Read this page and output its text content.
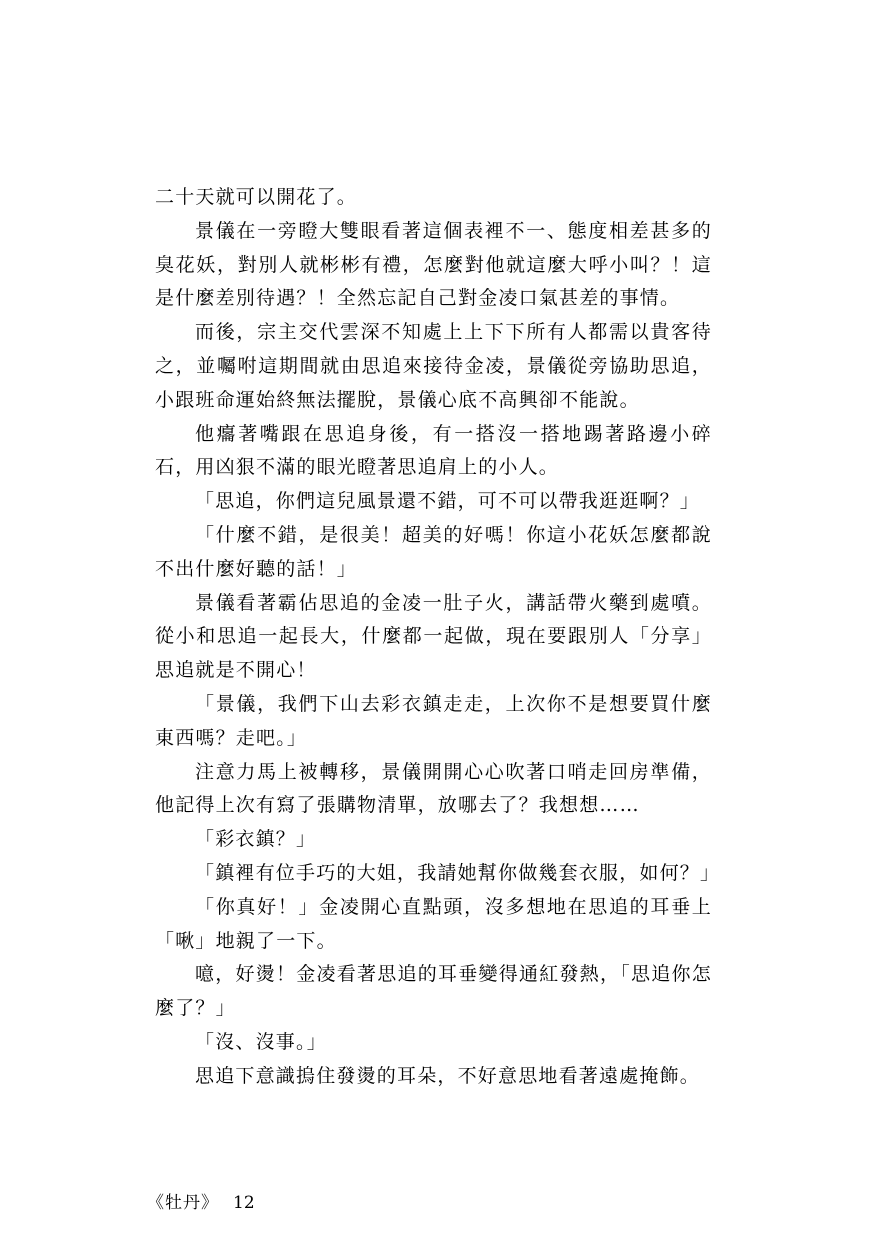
二十天就可以開花了。

景儀在一旁瞪大雙眼看著這個表裡不一、態度相差甚多的臭花妖，對別人就彬彬有禮，怎麼對他就這麼大呼小叫？！這是什麼差別待遇？！全然忘記自己對金凌口氣甚差的事情。

而後，宗主交代雲深不知處上上下下所有人都需以貴客待之，並囑咐這期間就由思追來接待金凌，景儀從旁協助思追，小跟班命運始終無法擺脫，景儀心底不高興卻不能說。

他癟著嘴跟在思追身後，有一搭沒一搭地踢著路邊小碎石，用凶狠不滿的眼光瞪著思追肩上的小人。

「思追，你們這兒風景還不錯，可不可以帶我逛逛啊？」

「什麼不錯，是很美！超美的好嗎！你這小花妖怎麼都說不出什麼好聽的話！」

景儀看著霸佔思追的金凌一肚子火，講話帶火藥到處噴。從小和思追一起長大，什麼都一起做，現在要跟別人「分享」思追就是不開心！

「景儀，我們下山去彩衣鎮走走，上次你不是想要買什麼東西嗎？走吧。」

注意力馬上被轉移，景儀開開心心吹著口哨走回房準備，他記得上次有寫了張購物清單，放哪去了？我想想……

「彩衣鎮？」

「鎮裡有位手巧的大姐，我請她幫你做幾套衣服，如何？」

「你真好！」金凌開心直點頭，沒多想地在思追的耳垂上「啾」地親了一下。

噫，好燙！金凌看著思追的耳垂變得通紅發熱，「思追你怎麼了？」

「沒、沒事。」

思追下意識摀住發燙的耳朵，不好意思地看著遠處掩飾。

《牡丹》 12
